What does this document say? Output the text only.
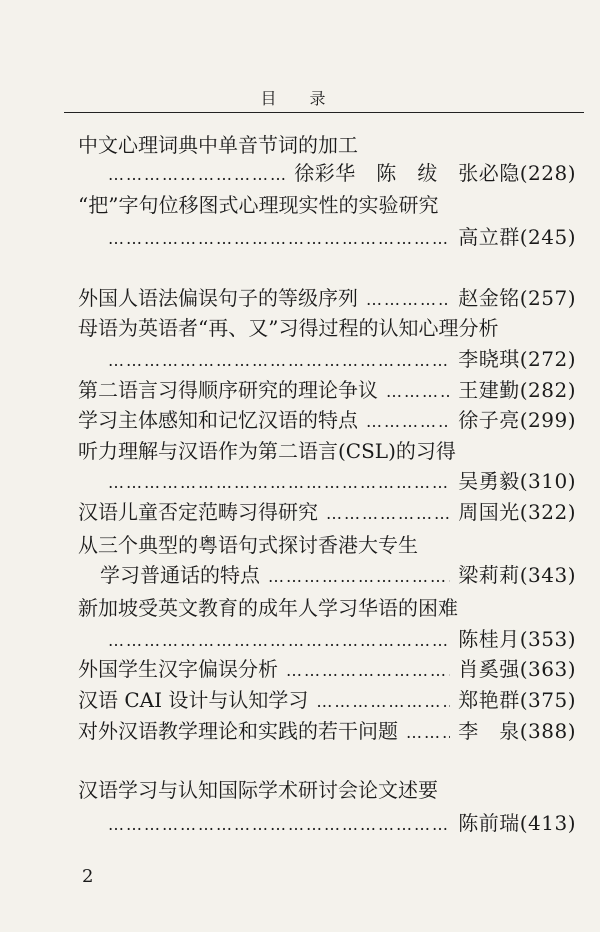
目 录
中文心理词典中单音节词的加工
…………………………………………………………………………………………………………………
徐彩华　陈　绂　张必隐(228)
“把”字句位移图式心理现实性的实验研究
…………………………………………………………………………………………………………………
高立群(245)
外国人语法偏误句子的等级序列 …………………………………………………………………………………………………………………	赵金铭(257)
母语为英语者“再、又”习得过程的认知心理分析
…………………………………………………………………………………………………………………
李晓琪(272)
第二语言习得顺序研究的理论争议 …………………………………………………………………………………………………………………	王建勤(282)
学习主体感知和记忆汉语的特点 …………………………………………………………………………………………………………………	徐子亮(299)
听力理解与汉语作为第二语言(CSL)的习得
…………………………………………………………………………………………………………………
吴勇毅(310)
汉语儿童否定范畴习得研究 …………………………………………………………………………………………………………………	周国光(322)
从三个典型的粤语句式探讨香港大专生
学习普通话的特点 …………………………………………………………………………………………………………………	梁莉莉(343)
新加坡受英文教育的成年人学习华语的困难
…………………………………………………………………………………………………………………
陈桂月(353)
外国学生汉字偏误分析 …………………………………………………………………………………………………………………	肖奚强(363)
汉语 CAI 设计与认知学习 …………………………………………………………………………………………………………………	郑艳群(375)
对外汉语教学理论和实践的若干问题 …………………………………………………………………………………………………………………	李　泉(388)
汉语学习与认知国际学术研讨会论文述要
…………………………………………………………………………………………………………………
陈前瑞(413)
2
